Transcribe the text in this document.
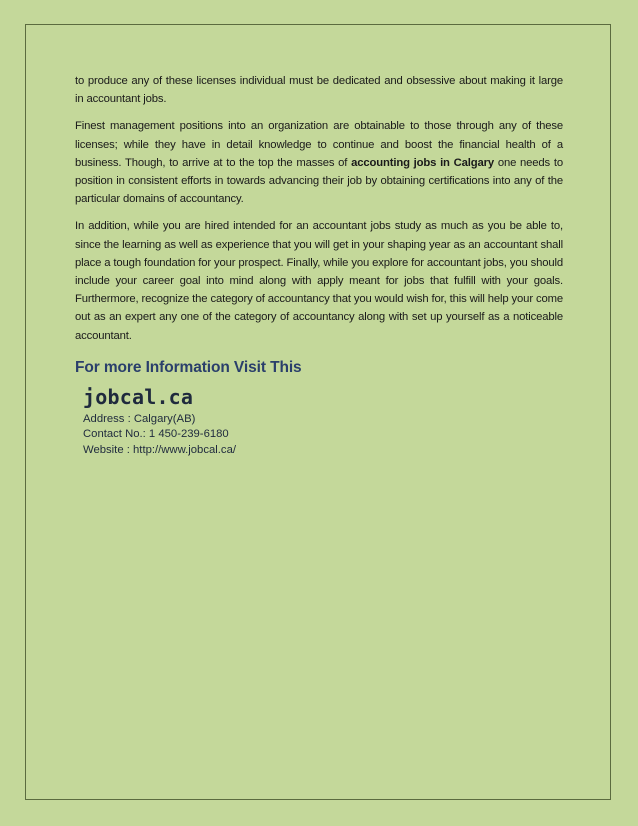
to produce any of these licenses individual must be dedicated and obsessive about making it large in accountant jobs.

Finest management positions into an organization are obtainable to those through any of these licenses; while they have in detail knowledge to continue and boost the financial health of a business. Though, to arrive at to the top the masses of accounting jobs in Calgary one needs to position in consistent efforts in towards advancing their job by obtaining certifications into any of the particular domains of accountancy.

In addition, while you are hired intended for an accountant jobs study as much as you be able to, since the learning as well as experience that you will get in your shaping year as an accountant shall place a tough foundation for your prospect. Finally, while you explore for accountant jobs, you should include your career goal into mind along with apply meant for jobs that fulfill with your goals. Furthermore, recognize the category of accountancy that you would wish for, this will help your come out as an expert any one of the category of accountancy along with set up yourself as a noticeable accountant.

For more Information Visit This
jobcal.ca
Address : Calgary(AB)
Contact No.: 1 450-239-6180
Website : http://www.jobcal.ca/
